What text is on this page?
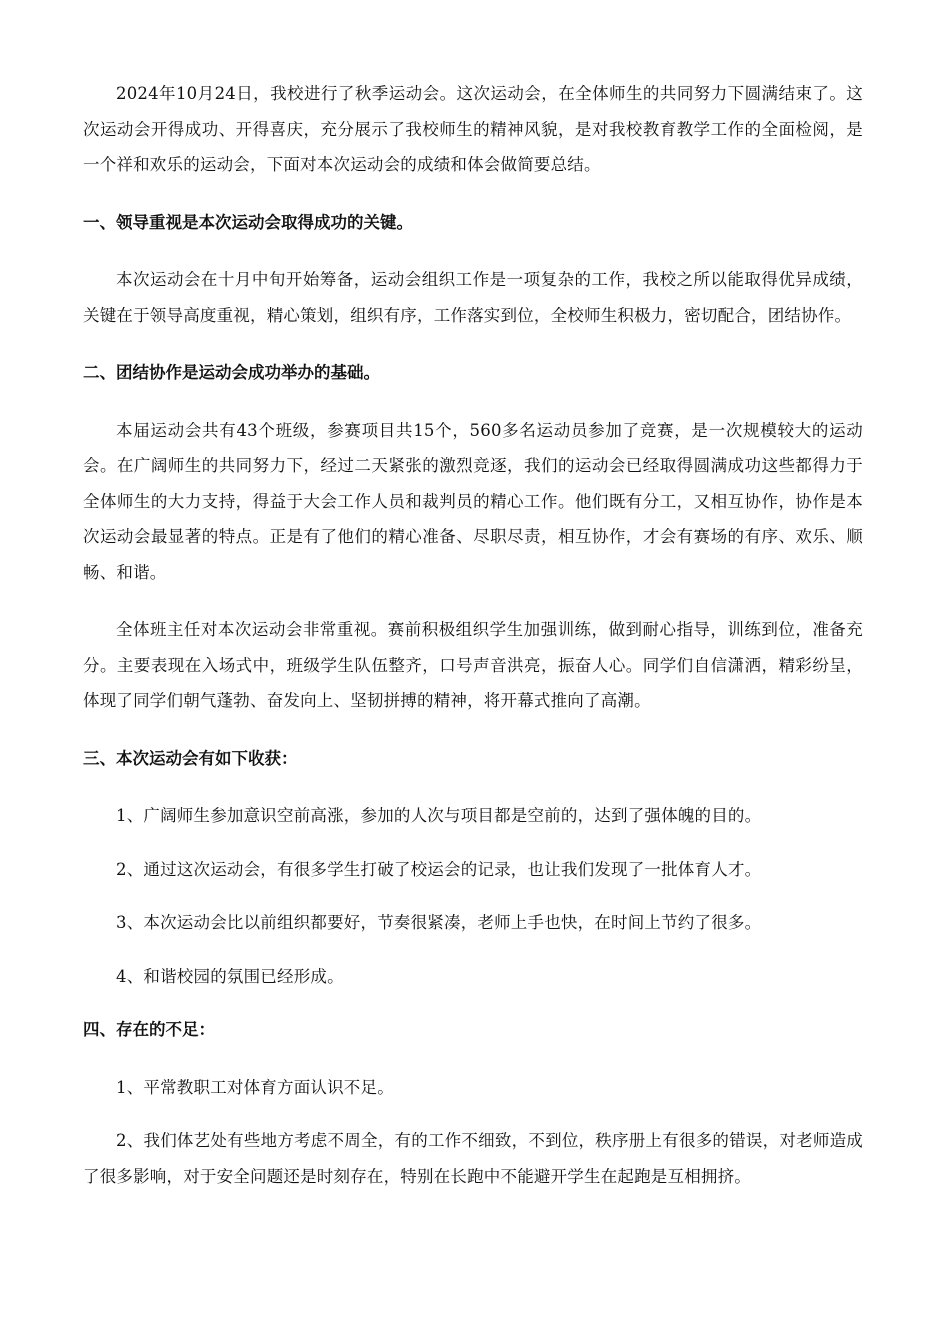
2024年10月24日，我校进行了秋季运动会。这次运动会，在全体师生的共同努力下圆满结束了。这次运动会开得成功、开得喜庆，充分展示了我校师生的精神风貌，是对我校教育教学工作的全面检阅，是一个祥和欢乐的运动会，下面对本次运动会的成绩和体会做简要总结。

一、领导重视是本次运动会取得成功的关键。

本次运动会在十月中旬开始筹备，运动会组织工作是一项复杂的工作，我校之所以能取得优异成绩，关键在于领导高度重视，精心策划，组织有序，工作落实到位，全校师生积极力，密切配合，团结协作。

二、团结协作是运动会成功举办的基础。

本届运动会共有43个班级，参赛项目共15个，560多名运动员参加了竞赛，是一次规模较大的运动会。在广阔师生的共同努力下，经过二天紧张的激烈竞逐，我们的运动会已经取得圆满成功这些都得力于全体师生的大力支持，得益于大会工作人员和裁判员的精心工作。他们既有分工，又相互协作，协作是本次运动会最显著的特点。正是有了他们的精心准备、尽职尽责，相互协作，才会有赛场的有序、欢乐、顺畅、和谐。

全体班主任对本次运动会非常重视。赛前积极组织学生加强训练，做到耐心指导，训练到位，准备充分。主要表现在入场式中，班级学生队伍整齐，口号声音洪亮，振奋人心。同学们自信潇洒，精彩纷呈，体现了同学们朝气蓬勃、奋发向上、坚韧拼搏的精神，将开幕式推向了高潮。

三、本次运动会有如下收获：

1、广阔师生参加意识空前高涨，参加的人次与项目都是空前的，达到了强体魄的目的。

2、通过这次运动会，有很多学生打破了校运会的记录，也让我们发现了一批体育人才。

3、本次运动会比以前组织都要好，节奏很紧凑，老师上手也快，在时间上节约了很多。

4、和谐校园的氛围已经形成。

四、存在的不足：

1、平常教职工对体育方面认识不足。

2、我们体艺处有些地方考虑不周全，有的工作不细致，不到位，秩序册上有很多的错误，对老师造成了很多影响，对于安全问题还是时刻存在，特别在长跑中不能避开学生在起跑是互相拥挤。
